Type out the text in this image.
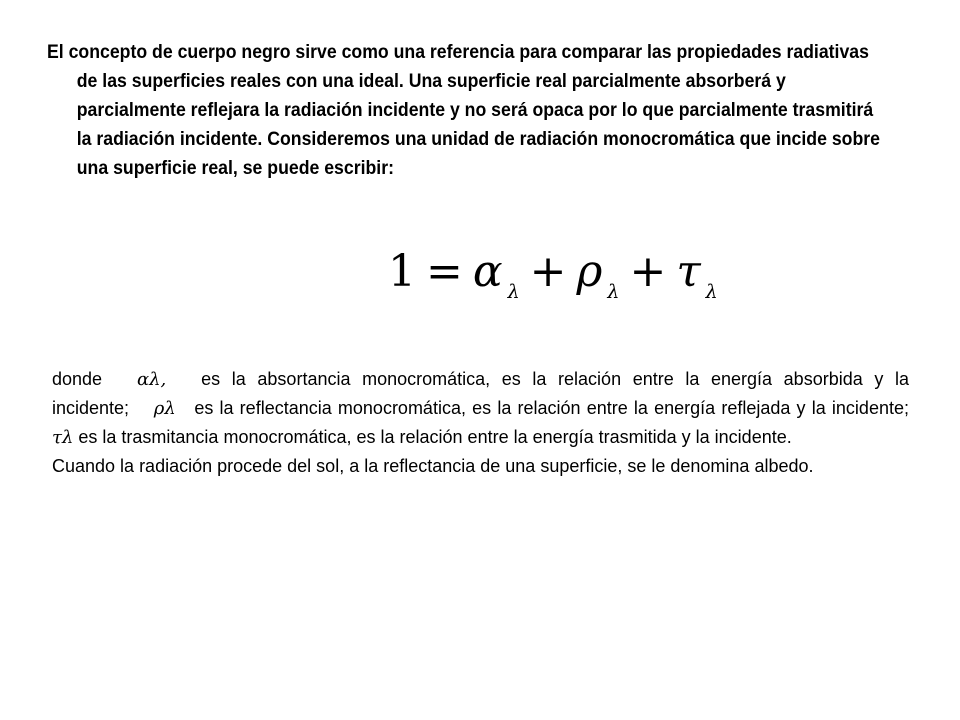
El concepto de cuerpo negro sirve como una referencia para comparar las propiedades radiativas de las superficies reales con una ideal. Una superficie real parcialmente absorberá y parcialmente reflejara la radiación incidente y no será opaca por lo que parcialmente trasmitirá la radiación incidente. Consideremos una unidad de radiación monocromática que incide sobre una superficie real, se puede escribir:

1 = α $_\lambda$ + ρ $_\lambda$ + τ $_\lambda$

donde αλ, es la absortancia monocromática, es la relación entre la energía absorbida y la incidente; ρλ es la reflectancia monocromática, es la relación entre la energía reflejada y la incidente; τλ es la trasmitancia monocromática, es la relación entre la energía trasmitida y la incidente.

Cuando la radiación procede del sol, a la reflectancia de una superficie, se le denomina albedo.
